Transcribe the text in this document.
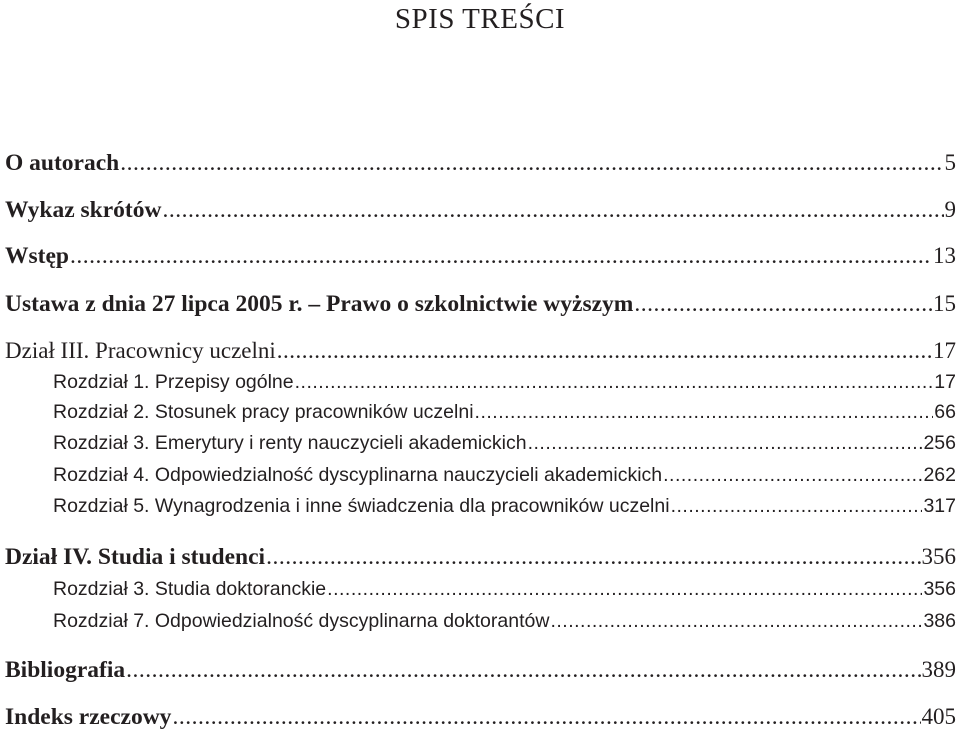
SPIS TREŚCI
O autorach .....	5
Wykaz skrótów .....	9
Wstęp .....	13
Ustawa z dnia 27 lipca 2005 r. – Prawo o szkolnictwie wyższym .....	15
Dział III. Pracownicy uczelni .....	17
Rozdział 1. Przepisy ogólne .....	17
Rozdział 2. Stosunek pracy pracowników uczelni .....	66
Rozdział 3. Emerytury i renty nauczycieli akademickich .....	256
Rozdział 4. Odpowiedzialność dyscyplinarna nauczycieli akademickich .....	262
Rozdział 5. Wynagrodzenia i inne świadczenia dla pracowników uczelni .....	317
Dział IV. Studia i studenci .....	356
Rozdział 3. Studia doktoranckie .....	356
Rozdział 7. Odpowiedzialność dyscyplinarna doktorantów .....	386
Bibliografia .....	389
Indeks rzeczowy .....	405
